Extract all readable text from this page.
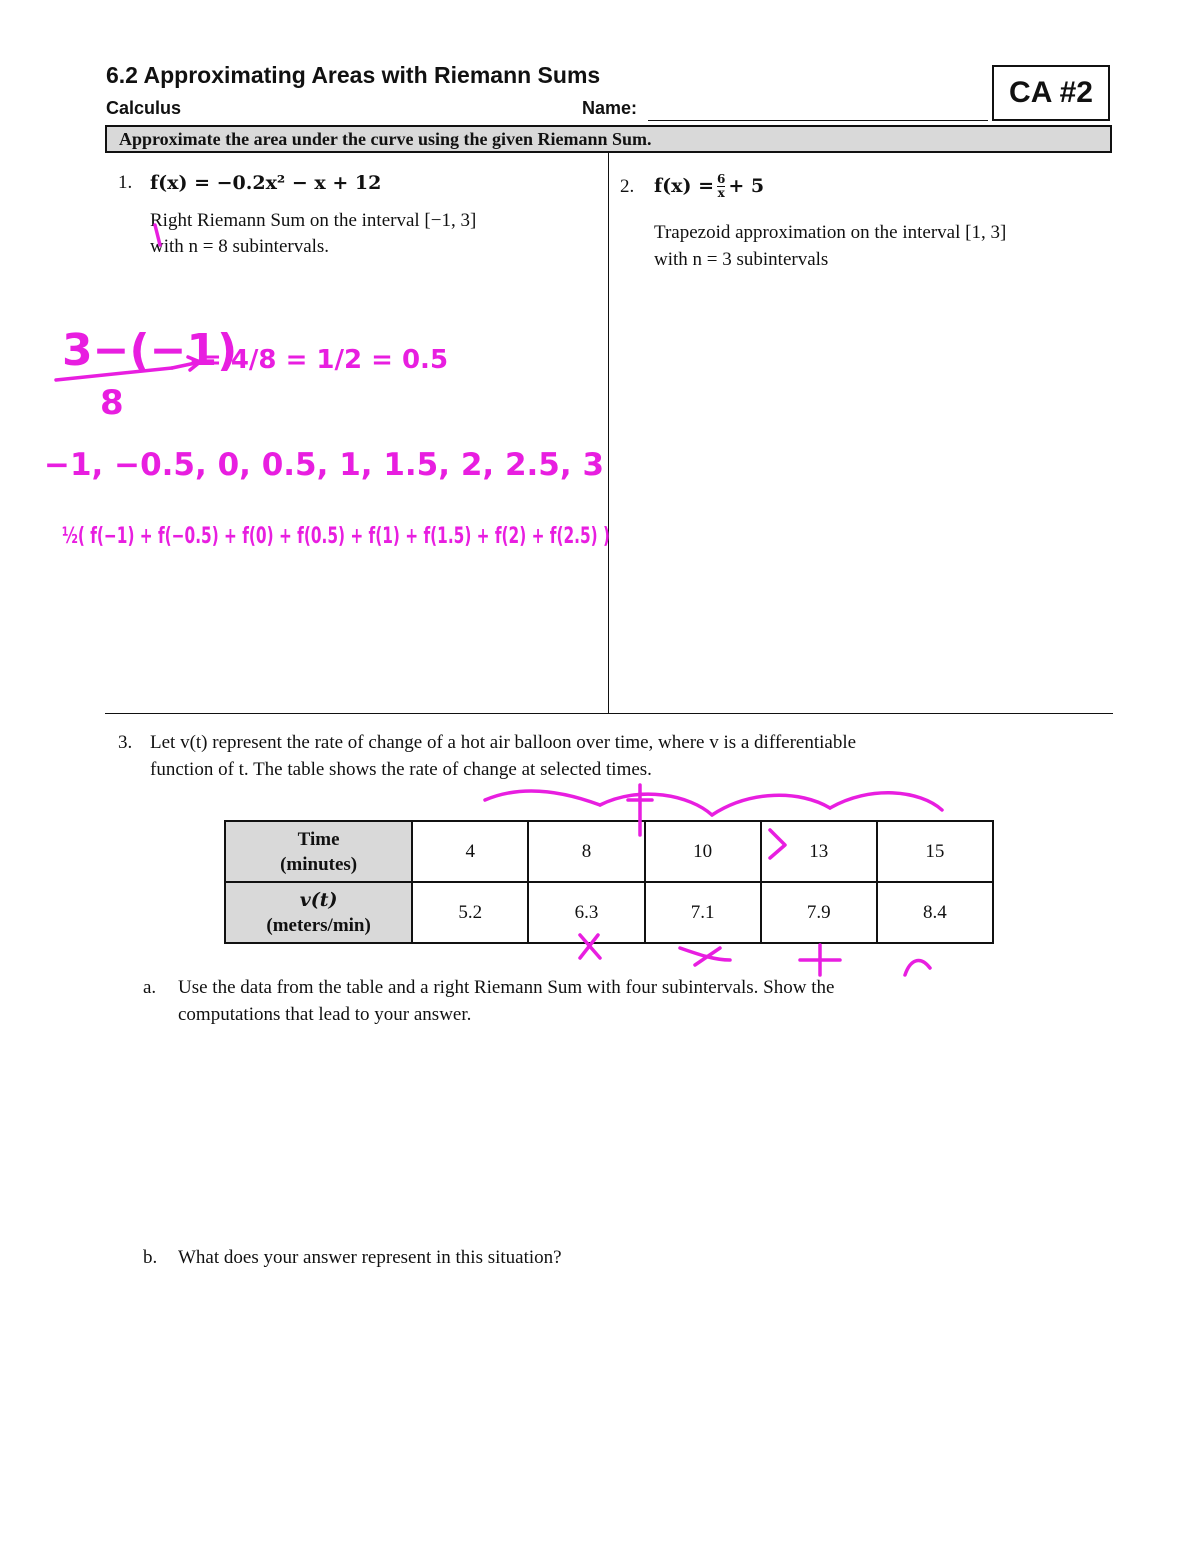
6.2 Approximating Areas with Riemann Sums
Calculus	Name:	CA #2
Approximate the area under the curve using the given Riemann Sum.
1. f(x) = −0.2x² − x + 12
Right Riemann Sum on the interval [−1, 3]
with n = 8 subintervals.
2. $f(x) = \frac{6}{x} + 5$
Trapezoid approximation on the interval [1, 3]
with n = 3 subintervals
3. Let v(t) represent the rate of change of a hot air balloon over time, where v is a differentiable
function of t. The table shows the rate of change at selected times.
Time
(minutes)	4	8	10	13	15

v(t)
(meters/min)	5.2	6.3	7.1	7.9	8.4
a. Use the data from the table and a right Riemann Sum with four subintervals. Show the
computations that lead to your answer.
b. What does your answer represent in this situation?
3−(−1)
8
= 4/8 = 1/2 = 0.5
−1, −0.5, 0, 0.5, 1, 1.5, 2, 2.5, 3
½( f(−1) + f(−0.5) + f(0) + f(0.5) + f(1) + f(1.5) + f(2) + f(2.5) )
